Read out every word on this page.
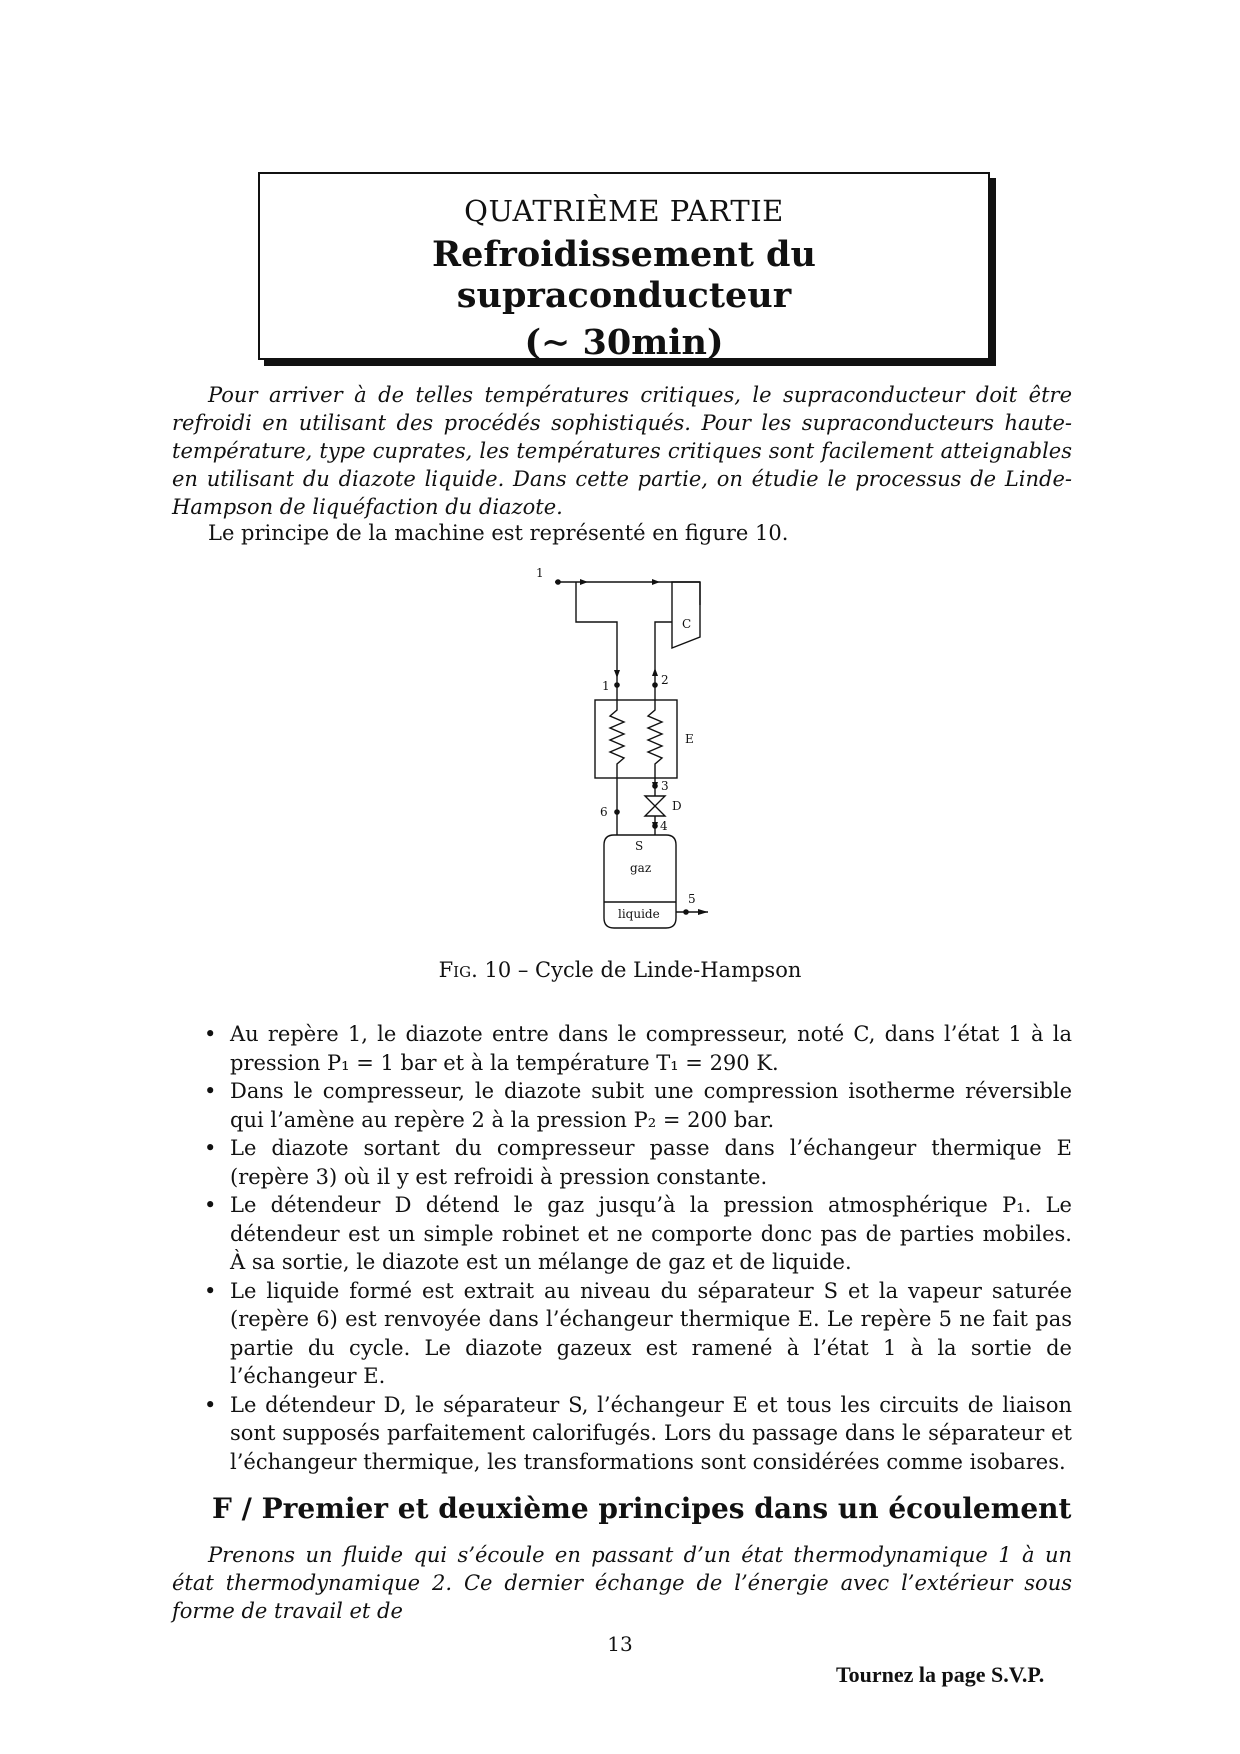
QUATRIÈME PARTIE
Refroidissement du supraconducteur
(∼ 30min)

Pour arriver à de telles températures critiques, le supraconducteur doit être refroidi en utilisant des procédés sophistiqués. Pour les supraconducteurs haute-température, type cuprates, les températures critiques sont facilement atteignables en utilisant du diazote liquide. Dans cette partie, on étudie le processus de Linde-Hampson de liquéfaction du diazote.

Le principe de la machine est représenté en figure 10.

1
C
1	2
E
3
D
4
6
S
gaz
liquide
5

Fig. 10 – Cycle de Linde-Hampson

• Au repère 1, le diazote entre dans le compresseur, noté C, dans l’état 1 à la pression P₁ = 1 bar et à la température T₁ = 290 K.
• Dans le compresseur, le diazote subit une compression isotherme réversible qui l’amène au repère 2 à la pression P₂ = 200 bar.
• Le diazote sortant du compresseur passe dans l’échangeur thermique E (repère 3) où il y est refroidi à pression constante.
• Le détendeur D détend le gaz jusqu’à la pression atmosphérique P₁. Le détendeur est un simple robinet et ne comporte donc pas de parties mobiles. À sa sortie, le diazote est un mélange de gaz et de liquide.
• Le liquide formé est extrait au niveau du séparateur S et la vapeur saturée (repère 6) est renvoyée dans l’échangeur thermique E. Le repère 5 ne fait pas partie du cycle. Le diazote gazeux est ramené à l’état 1 à la sortie de l’échangeur E.
• Le détendeur D, le séparateur S, l’échangeur E et tous les circuits de liaison sont supposés parfaitement calorifugés. Lors du passage dans le séparateur et l’échangeur thermique, les transformations sont considérées comme isobares.
F / Premier et deuxième principes dans un écoulement

Prenons un fluide qui s’écoule en passant d’un état thermodynamique 1 à un état thermodynamique 2. Ce dernier échange de l’énergie avec l’extérieur sous forme de travail et de

13
Tournez la page S.V.P.
